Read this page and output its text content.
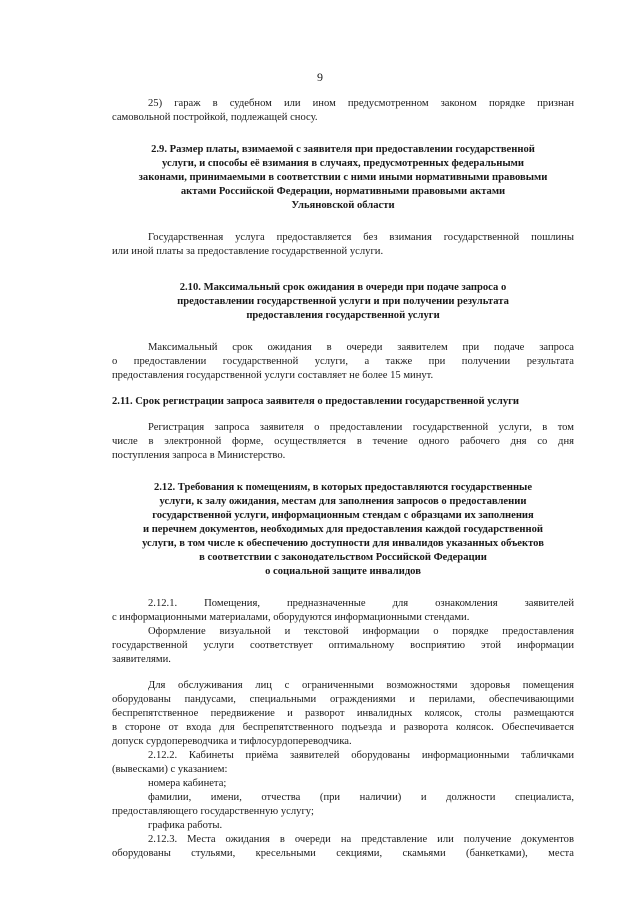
9

25) гараж в судебном или ином предусмотренном законом порядке признан
самовольной постройкой, подлежащей сносу.

2.9. Размер платы, взимаемой с заявителя при предоставлении государственной
услуги, и способы её взимания в случаях, предусмотренных федеральными
законами, принимаемыми в соответствии с ними иными нормативными правовыми
актами Российской Федерации, нормативными правовыми актами
Ульяновской области

Государственная услуга предоставляется без взимания государственной пошлины
или иной платы за предоставление государственной услуги.

2.10. Максимальный срок ожидания в очереди при подаче запроса о
предоставлении государственной услуги и при получении результата
предоставления государственной услуги

Максимальный срок ожидания в очереди заявителем при подаче запроса
о предоставлении государственной услуги, а также при получении результата
предоставления государственной услуги составляет не более 15 минут.

2.11. Срок регистрации запроса заявителя о предоставлении государственной услуги

Регистрация запроса заявителя о предоставлении государственной услуги, в том
числе в электронной форме, осуществляется в течение одного рабочего дня со дня
поступления запроса в Министерство.

2.12. Требования к помещениям, в которых предоставляются государственные
услуги, к залу ожидания, местам для заполнения запросов о предоставлении
государственной услуги, информационным стендам с образцами их заполнения
и перечнем документов, необходимых для предоставления каждой государственной
услуги, в том числе к обеспечению доступности для инвалидов указанных объектов
в соответствии с законодательством Российской Федерации
о социальной защите инвалидов

2.12.1. Помещения, предназначенные для ознакомления заявителей
с информационными материалами, оборудуются информационными стендами.

Оформление визуальной и текстовой информации о порядке предоставления
государственной услуги соответствует оптимальному восприятию этой информации
заявителями.

Для обслуживания лиц с ограниченными возможностями здоровья помещения
оборудованы пандусами, специальными ограждениями и перилами, обеспечивающими
беспрепятственное передвижение и разворот инвалидных колясок, столы размещаются
в стороне от входа для беспрепятственного подъезда и разворота колясок. Обеспечивается
допуск сурдопереводчика и тифлосурдопереводчика.

2.12.2. Кабинеты приёма заявителей оборудованы информационными табличками
(вывесками) с указанием:

номера кабинета;

фамилии, имени, отчества (при наличии) и должности специалиста,
предоставляющего государственную услугу;

графика работы.

2.12.3. Места ожидания в очереди на представление или получение документов
оборудованы стульями, кресельными секциями, скамьями (банкетками), места
